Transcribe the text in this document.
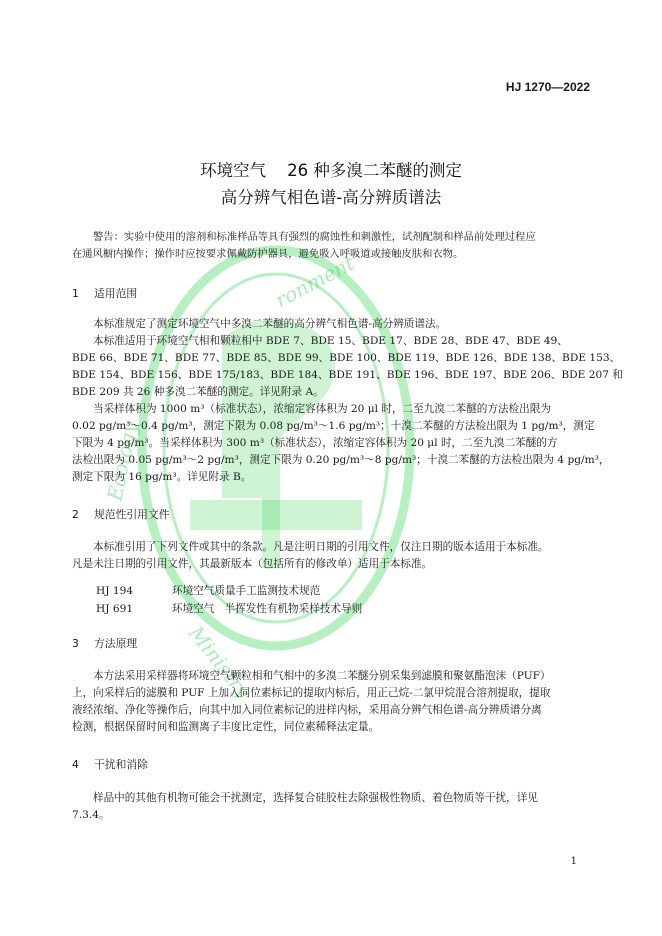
ronment
Ecology
Ministry
HJ 1270—2022
环境空气    26 种多溴二苯醚的测定
高分辨气相色谱-高分辨质谱法
警告：实验中使用的溶剂和标准样品等具有强烈的腐蚀性和刺激性，试剂配制和样品前处理过程应
在通风橱内操作；操作时应按要求佩戴防护器具，避免吸入呼吸道或接触皮肤和衣物。
1 适用范围
本标准规定了测定环境空气中多溴二苯醚的高分辨气相色谱-高分辨质谱法。
本标准适用于环境空气相和颗粒相中 BDE 7、BDE 15、BDE 17、BDE 28、BDE 47、BDE 49、
BDE 66、BDE 71、BDE 77、BDE 85、BDE 99、BDE 100、BDE 119、BDE 126、BDE 138、BDE 153、
BDE 154、BDE 156、BDE 175/183、BDE 184、BDE 191、BDE 196、BDE 197、BDE 206、BDE 207 和
BDE 209 共 26 种多溴二苯醚的测定。详见附录 A。
当采样体积为 1000 m³（标准状态），浓缩定容体积为 20 μl 时，二至九溴二苯醚的方法检出限为
0.02 pg/m³～0.4 pg/m³，测定下限为 0.08 pg/m³～1.6 pg/m³；十溴二苯醚的方法检出限为 1 pg/m³，测定
下限为 4 pg/m³。当采样体积为 300 m³（标准状态），浓缩定容体积为 20 μl 时，二至九溴二苯醚的方
法检出限为 0.05 pg/m³～2 pg/m³，测定下限为 0.20 pg/m³～8 pg/m³；十溴二苯醚的方法检出限为 4 pg/m³，
测定下限为 16 pg/m³。详见附录 B。
2 规范性引用文件
本标准引用了下列文件或其中的条款。凡是注明日期的引用文件，仅注日期的版本适用于本标准。
凡是未注日期的引用文件，其最新版本（包括所有的修改单）适用于本标准。
HJ 194	环境空气质量手工监测技术规范
HJ 691	环境空气   半挥发性有机物采样技术导则
3 方法原理
本方法采用采样器将环境空气颗粒相和气相中的多溴二苯醚分别采集到滤膜和聚氨酯泡沫（PUF）
上，向采样后的滤膜和 PUF 上加入同位素标记的提取内标后，用正己烷-二氯甲烷混合溶剂提取，提取
液经浓缩、净化等操作后，向其中加入同位素标记的进样内标，采用高分辨气相色谱-高分辨质谱分离
检测，根据保留时间和监测离子丰度比定性，同位素稀释法定量。
4 干扰和消除
样品中的其他有机物可能会干扰测定，选择复合硅胶柱去除强极性物质、着色物质等干扰，详见
7.3.4。
1
